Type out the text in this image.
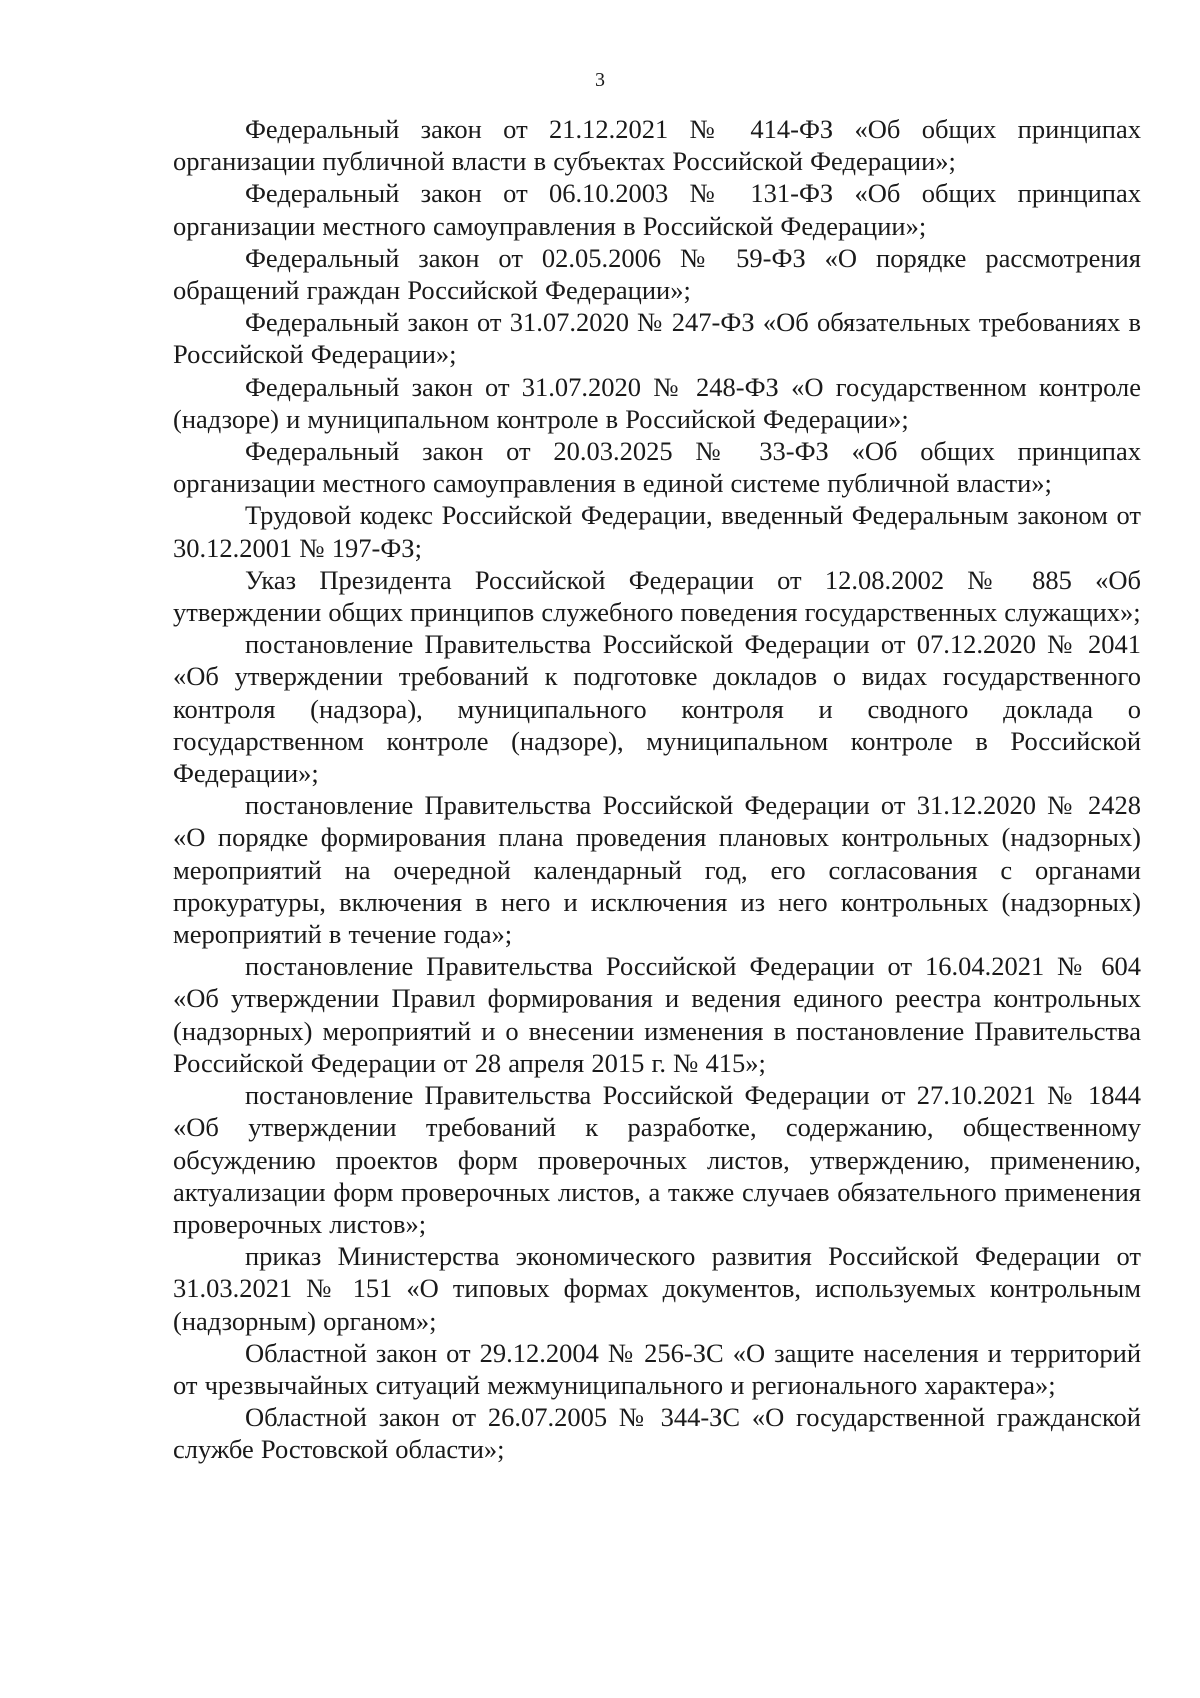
3

Федеральный закон от 21.12.2021 № 414-ФЗ «Об общих принципах организации публичной власти в субъектах Российской Федерации»;

Федеральный закон от 06.10.2003 № 131-ФЗ «Об общих принципах организации местного самоуправления в Российской Федерации»;

Федеральный закон от 02.05.2006 № 59-ФЗ «О порядке рассмотрения обращений граждан Российской Федерации»;

Федеральный закон от 31.07.2020 № 247-ФЗ «Об обязательных требованиях в Российской Федерации»;

Федеральный закон от 31.07.2020 № 248-ФЗ «О государственном контроле (надзоре) и муниципальном контроле в Российской Федерации»;

Федеральный закон от 20.03.2025 № 33-ФЗ «Об общих принципах организации местного самоуправления в единой системе публичной власти»;

Трудовой кодекс Российской Федерации, введенный Федеральным законом от 30.12.2001 № 197-ФЗ;

Указ Президента Российской Федерации от 12.08.2002 № 885 «Об утверждении общих принципов служебного поведения государственных служащих»;

постановление Правительства Российской Федерации от 07.12.2020 № 2041 «Об утверждении требований к подготовке докладов о видах государственного контроля (надзора), муниципального контроля и сводного доклада о государственном контроле (надзоре), муниципальном контроле в Российской Федерации»;

постановление Правительства Российской Федерации от 31.12.2020 № 2428 «О порядке формирования плана проведения плановых контрольных (надзорных) мероприятий на очередной календарный год, его согласования с органами прокуратуры, включения в него и исключения из него контрольных (надзорных) мероприятий в течение года»;

постановление Правительства Российской Федерации от 16.04.2021 № 604 «Об утверждении Правил формирования и ведения единого реестра контрольных (надзорных) мероприятий и о внесении изменения в постановление Правительства Российской Федерации от 28 апреля 2015 г. № 415»;

постановление Правительства Российской Федерации от 27.10.2021 № 1844 «Об утверждении требований к разработке, содержанию, общественному обсуждению проектов форм проверочных листов, утверждению, применению, актуализации форм проверочных листов, а также случаев обязательного применения проверочных листов»;

приказ Министерства экономического развития Российской Федерации от 31.03.2021 № 151 «О типовых формах документов, используемых контрольным (надзорным) органом»;

Областной закон от 29.12.2004 № 256-ЗС «О защите населения и территорий от чрезвычайных ситуаций межмуниципального и регионального характера»;

Областной закон от 26.07.2005 № 344-ЗС «О государственной гражданской службе Ростовской области»;
